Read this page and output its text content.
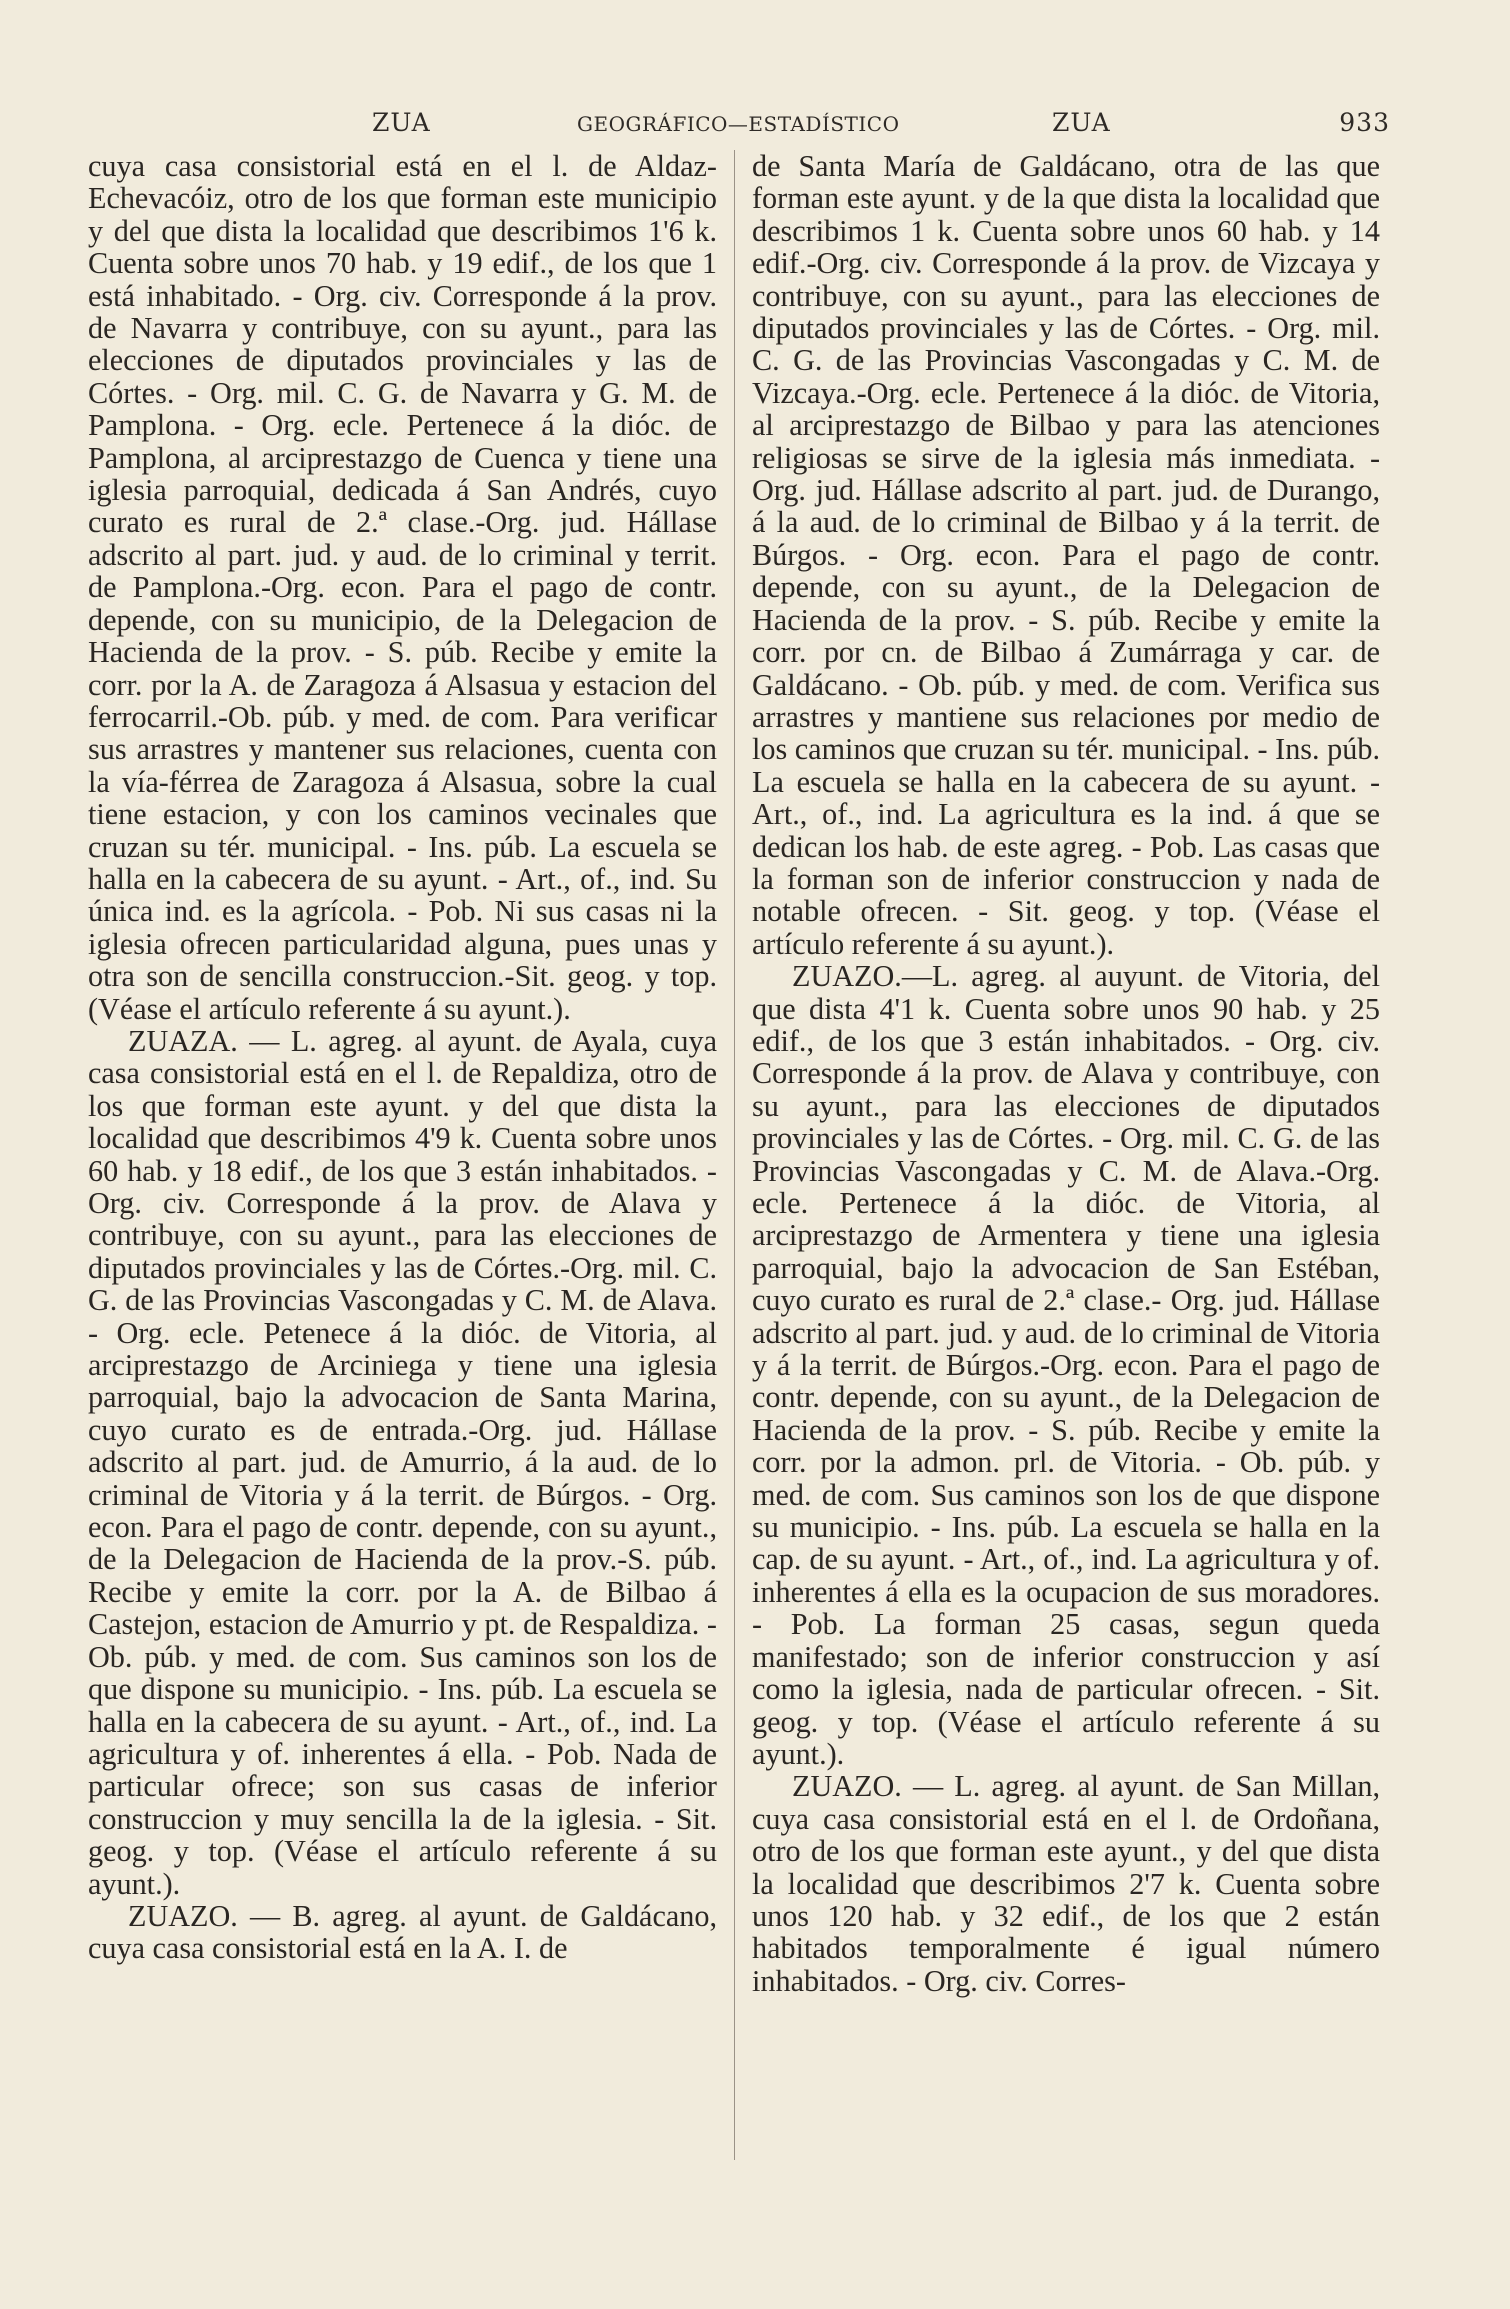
ZUA	GEOGRÁFICO—ESTADÍSTICO	ZUA	933

cuya casa consistorial está en el l. de Aldaz-Echevacóiz, otro de los que forman este municipio y del que dista la localidad que describimos 1'6 k. Cuenta sobre unos 70 hab. y 19 edif., de los que 1 está inhabitado. - Org. civ. Corresponde á la prov. de Navarra y contribuye, con su ayunt., para las elecciones de diputados provinciales y las de Córtes. - Org. mil. C. G. de Navarra y G. M. de Pamplona. - Org. ecle. Pertenece á la dióc. de Pamplona, al arciprestazgo de Cuenca y tiene una iglesia parroquial, dedicada á San Andrés, cuyo curato es rural de 2.ª clase.-Org. jud. Hállase adscrito al part. jud. y aud. de lo criminal y territ. de Pamplona.-Org. econ. Para el pago de contr. depende, con su municipio, de la Delegacion de Hacienda de la prov. - S. púb. Recibe y emite la corr. por la A. de Zaragoza á Alsasua y estacion del ferrocarril.-Ob. púb. y med. de com. Para verificar sus arrastres y mantener sus relaciones, cuenta con la vía-férrea de Zaragoza á Alsasua, sobre la cual tiene estacion, y con los caminos vecinales que cruzan su tér. municipal. - Ins. púb. La escuela se halla en la cabecera de su ayunt. - Art., of., ind. Su única ind. es la agrícola. - Pob. Ni sus casas ni la iglesia ofrecen particularidad alguna, pues unas y otra son de sencilla construccion.-Sit. geog. y top. (Véase el artículo referente á su ayunt.).

ZUAZA. — L. agreg. al ayunt. de Ayala, cuya casa consistorial está en el l. de Repaldiza, otro de los que forman este ayunt. y del que dista la localidad que describimos 4'9 k. Cuenta sobre unos 60 hab. y 18 edif., de los que 3 están inhabitados. - Org. civ. Corresponde á la prov. de Alava y contribuye, con su ayunt., para las elecciones de diputados provinciales y las de Córtes.-Org. mil. C. G. de las Provincias Vascongadas y C. M. de Alava. - Org. ecle. Petenece á la dióc. de Vitoria, al arciprestazgo de Arciniega y tiene una iglesia parroquial, bajo la advocacion de Santa Marina, cuyo curato es de entrada.-Org. jud. Hállase adscrito al part. jud. de Amurrio, á la aud. de lo criminal de Vitoria y á la territ. de Búrgos. - Org. econ. Para el pago de contr. depende, con su ayunt., de la Delegacion de Hacienda de la prov.-S. púb. Recibe y emite la corr. por la A. de Bilbao á Castejon, estacion de Amurrio y pt. de Respaldiza. - Ob. púb. y med. de com. Sus caminos son los de que dispone su municipio. - Ins. púb. La escuela se halla en la cabecera de su ayunt. - Art., of., ind. La agricultura y of. inherentes á ella. - Pob. Nada de particular ofrece; son sus casas de inferior construccion y muy sencilla la de la iglesia. - Sit. geog. y top. (Véase el artículo referente á su ayunt.).

ZUAZO. — B. agreg. al ayunt. de Galdácano, cuya casa consistorial está en la A. I. de

de Santa María de Galdácano, otra de las que forman este ayunt. y de la que dista la localidad que describimos 1 k. Cuenta sobre unos 60 hab. y 14 edif.-Org. civ. Corresponde á la prov. de Vizcaya y contribuye, con su ayunt., para las elecciones de diputados provinciales y las de Córtes. - Org. mil. C. G. de las Provincias Vascongadas y C. M. de Vizcaya.-Org. ecle. Pertenece á la dióc. de Vitoria, al arciprestazgo de Bilbao y para las atenciones religiosas se sirve de la iglesia más inmediata. - Org. jud. Hállase adscrito al part. jud. de Durango, á la aud. de lo criminal de Bilbao y á la territ. de Búrgos. - Org. econ. Para el pago de contr. depende, con su ayunt., de la Delegacion de Hacienda de la prov. - S. púb. Recibe y emite la corr. por cn. de Bilbao á Zumárraga y car. de Galdácano. - Ob. púb. y med. de com. Verifica sus arrastres y mantiene sus relaciones por medio de los caminos que cruzan su tér. municipal. - Ins. púb. La escuela se halla en la cabecera de su ayunt. - Art., of., ind. La agricultura es la ind. á que se dedican los hab. de este agreg. - Pob. Las casas que la forman son de inferior construccion y nada de notable ofrecen. - Sit. geog. y top. (Véase el artículo referente á su ayunt.).

ZUAZO.—L. agreg. al auyunt. de Vitoria, del que dista 4'1 k. Cuenta sobre unos 90 hab. y 25 edif., de los que 3 están inhabitados. - Org. civ. Corresponde á la prov. de Alava y contribuye, con su ayunt., para las elecciones de diputados provinciales y las de Córtes. - Org. mil. C. G. de las Provincias Vascongadas y C. M. de Alava.-Org. ecle. Pertenece á la dióc. de Vitoria, al arciprestazgo de Armentera y tiene una iglesia parroquial, bajo la advocacion de San Estéban, cuyo curato es rural de 2.ª clase.- Org. jud. Hállase adscrito al part. jud. y aud. de lo criminal de Vitoria y á la territ. de Búrgos.-Org. econ. Para el pago de contr. depende, con su ayunt., de la Delegacion de Hacienda de la prov. - S. púb. Recibe y emite la corr. por la admon. prl. de Vitoria. - Ob. púb. y med. de com. Sus caminos son los de que dispone su municipio. - Ins. púb. La escuela se halla en la cap. de su ayunt. - Art., of., ind. La agricultura y of. inherentes á ella es la ocupacion de sus moradores. - Pob. La forman 25 casas, segun queda manifestado; son de inferior construccion y así como la iglesia, nada de particular ofrecen. - Sit. geog. y top. (Véase el artículo referente á su ayunt.).

ZUAZO. — L. agreg. al ayunt. de San Millan, cuya casa consistorial está en el l. de Ordoñana, otro de los que forman este ayunt., y del que dista la localidad que describimos 2'7 k. Cuenta sobre unos 120 hab. y 32 edif., de los que 2 están habitados temporalmente é igual número inhabitados. - Org. civ. Corres-
